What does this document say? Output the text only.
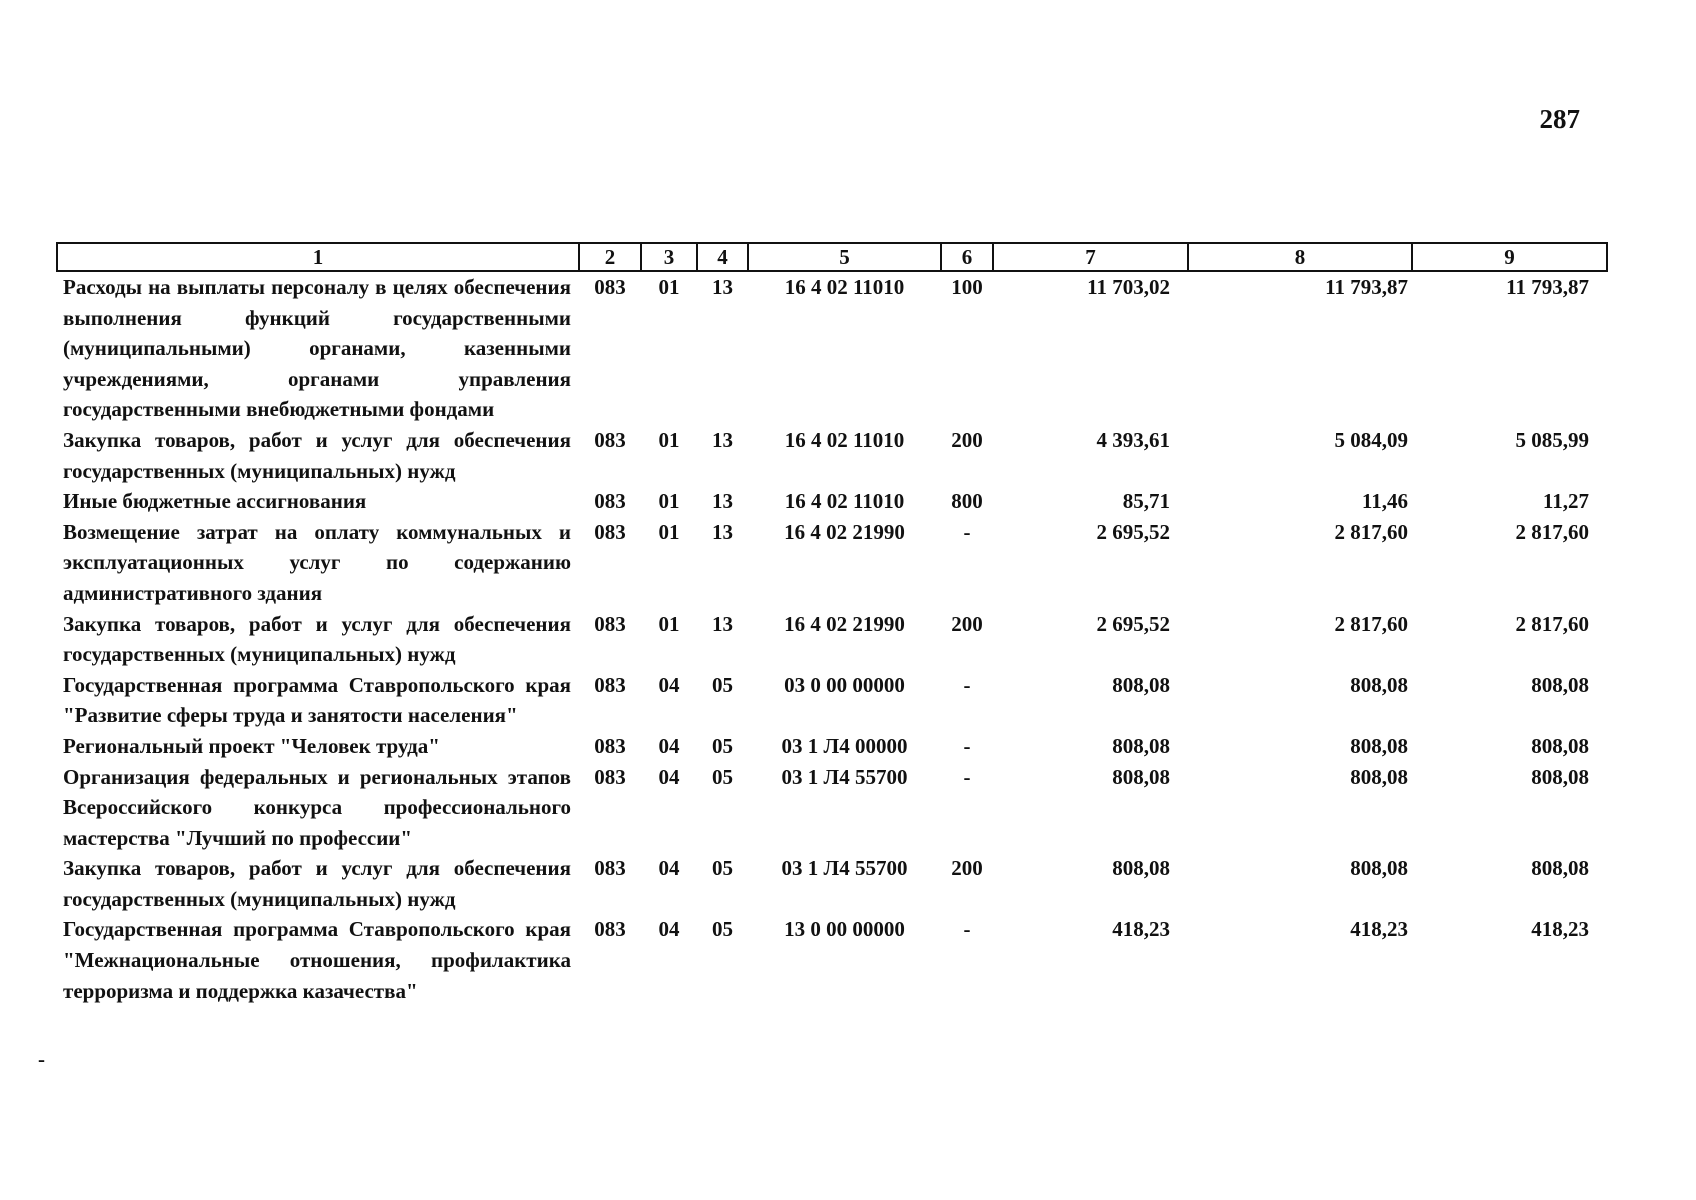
287
1	2	3	4	5	6	7	8	9
Расходы на выплаты персоналу в целях обеспечения выполнения функций государственными (муниципальными) органами, казенными учреждениями, органами управления государственными внебюджетными фондами	083	01	13	16 4 02 11010	100	11 703,02	11 793,87	11 793,87
Закупка товаров, работ и услуг для обеспечения государственных (муниципальных) нужд	083	01	13	16 4 02 11010	200	4 393,61	5 084,09	5 085,99
Иные бюджетные ассигнования	083	01	13	16 4 02 11010	800	85,71	11,46	11,27
Возмещение затрат на оплату коммунальных и эксплуатационных услуг по содержанию административного здания	083	01	13	16 4 02 21990	-	2 695,52	2 817,60	2 817,60
Закупка товаров, работ и услуг для обеспечения государственных (муниципальных) нужд	083	01	13	16 4 02 21990	200	2 695,52	2 817,60	2 817,60
Государственная программа Ставропольского края "Развитие сферы труда и занятости населения"	083	04	05	03 0 00 00000	-	808,08	808,08	808,08
Региональный проект "Человек труда"	083	04	05	03 1 Л4 00000	-	808,08	808,08	808,08
Организация федеральных и региональных этапов Всероссийского конкурса профессионального мастерства "Лучший по профессии"	083	04	05	03 1 Л4 55700	-	808,08	808,08	808,08
Закупка товаров, работ и услуг для обеспечения государственных (муниципальных) нужд	083	04	05	03 1 Л4 55700	200	808,08	808,08	808,08
Государственная программа Ставропольского края "Межнациональные отношения, профилактика терроризма и поддержка казачества"	083	04	05	13 0 00 00000	-	418,23	418,23	418,23
-
